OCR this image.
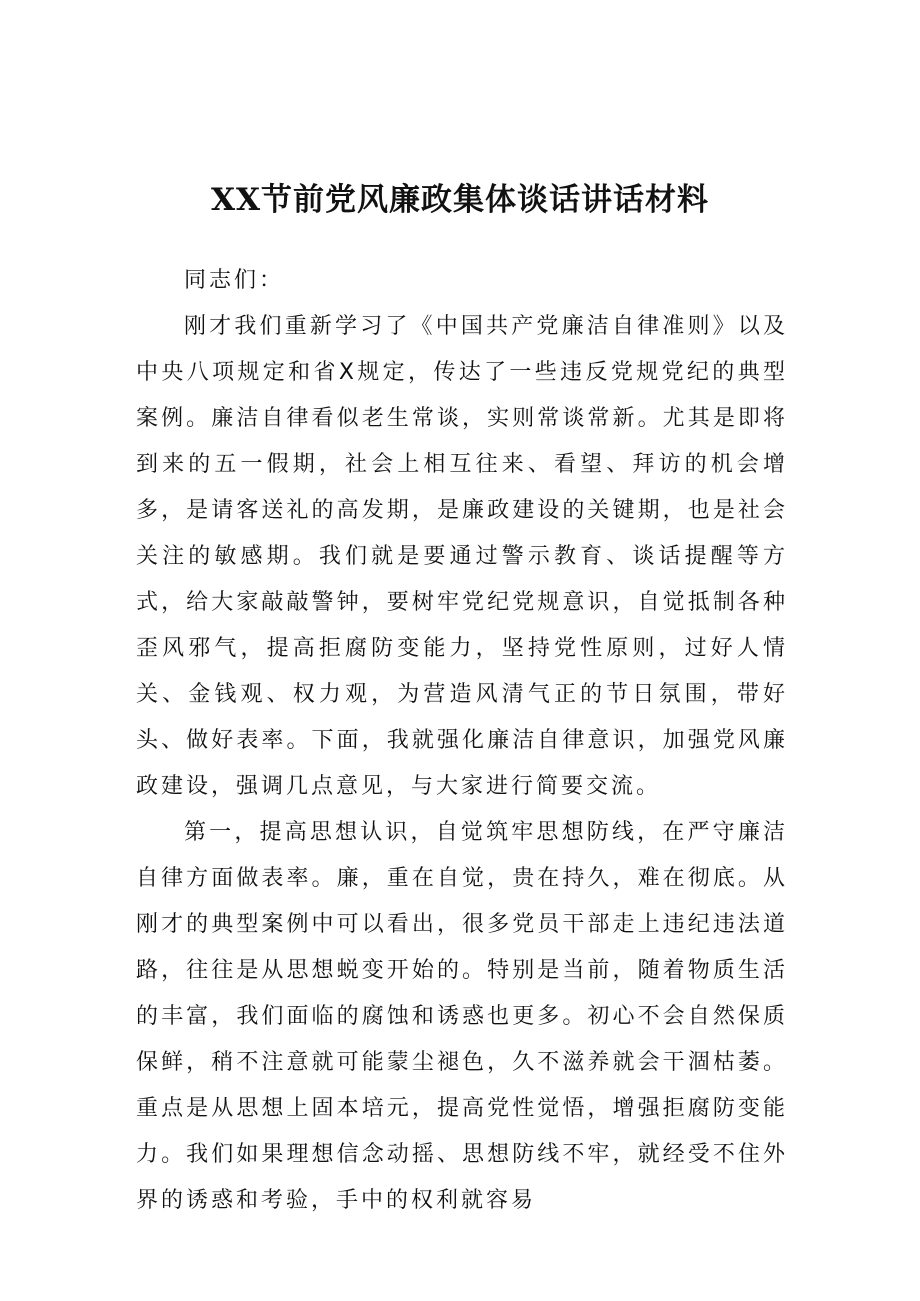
XX节前党风廉政集体谈话讲话材料

同志们：

刚才我们重新学习了《中国共产党廉洁自律准则》以及中央八项规定和省X规定，传达了一些违反党规党纪的典型案例。廉洁自律看似老生常谈，实则常谈常新。尤其是即将到来的五一假期，社会上相互往来、看望、拜访的机会增多，是请客送礼的高发期，是廉政建设的关键期，也是社会关注的敏感期。我们就是要通过警示教育、谈话提醒等方式，给大家敲敲警钟，要树牢党纪党规意识，自觉抵制各种歪风邪气，提高拒腐防变能力，坚持党性原则，过好人情关、金钱观、权力观，为营造风清气正的节日氛围，带好头、做好表率。下面，我就强化廉洁自律意识，加强党风廉政建设，强调几点意见，与大家进行简要交流。

第一，提高思想认识，自觉筑牢思想防线，在严守廉洁自律方面做表率。廉，重在自觉，贵在持久，难在彻底。从刚才的典型案例中可以看出，很多党员干部走上违纪违法道路，往往是从思想蜕变开始的。特别是当前，随着物质生活的丰富，我们面临的腐蚀和诱惑也更多。初心不会自然保质保鲜，稍不注意就可能蒙尘褪色，久不滋养就会干涸枯萎。重点是从思想上固本培元，提高党性觉悟，增强拒腐防变能力。我们如果理想信念动摇、思想防线不牢，就经受不住外界的诱惑和考验，手中的权利就容易
